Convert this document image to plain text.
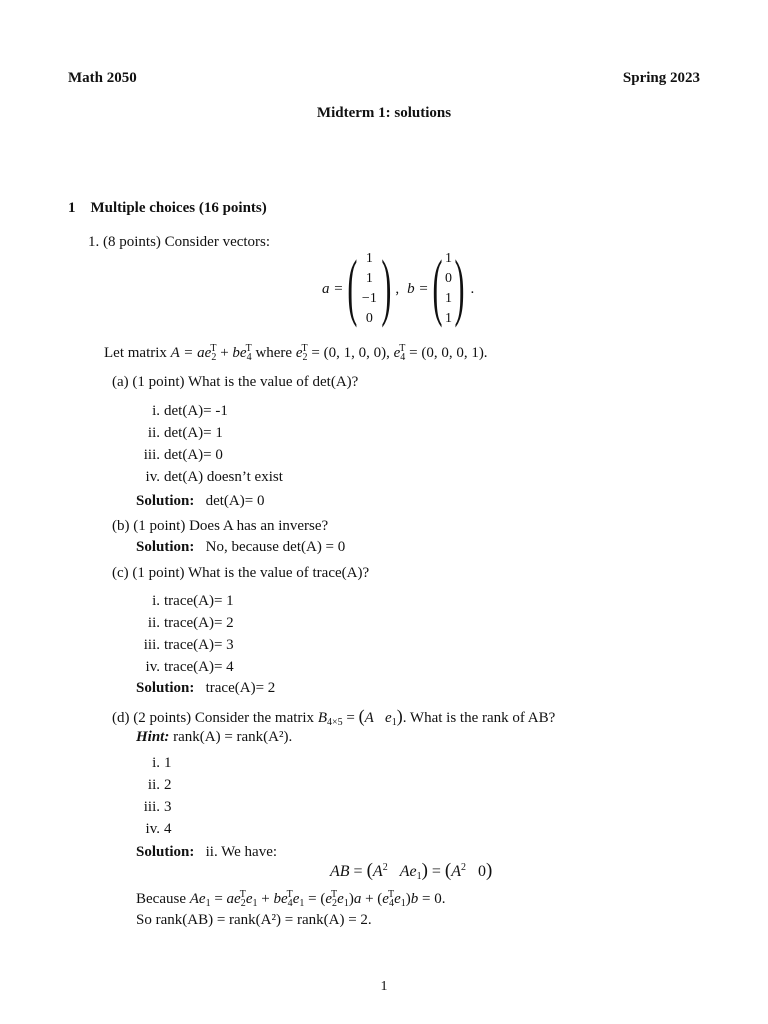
Math 2050	Spring 2023
Midterm 1: solutions
1 Multiple choices (16 points)
1. (8 points) Consider vectors:
a = ( 1
1
−1
0 ) , b = ( 1
0
1
1 ) .
Let matrix $A = ae_2^T + be_4^T$ where $e_2^T = (0$, 1, 0, 0), $e_4^T = (0$, 0, 0, 1).
(a) (1 point) What is the value of det(A)?
i. det(A)= -1
ii. det(A)= 1
iii. det(A)= 0
iv. det(A) doesn’t exist
Solution: det(A)= 0
(b) (1 point) Does A has an inverse?
Solution: No, because det(A) = 0
(c) (1 point) What is the value of trace(A)?
i. trace(A)= 1
ii. trace(A)= 2
iii. trace(A)= 3
iv. trace(A)= 4
Solution: trace(A)= 2
(d) (2 points) Consider the matrix $B_{4\times 5} = (A$ $e_1$). What is the rank of AB?
Hint: rank(A) = rank(A²).
i. 1
ii. 2
iii. 3
iv. 4
Solution: ii. We have:
AB = ($A^2$ $Ae_1) = (A^2$   0)
Because $Ae_1 = ae_2^Te_1 + be_4^Te_1 = (e_2^Te_1)a + (e_4^Te_1)b = 0$.
So rank(AB) = rank(A²) = rank(A) = 2.
1
